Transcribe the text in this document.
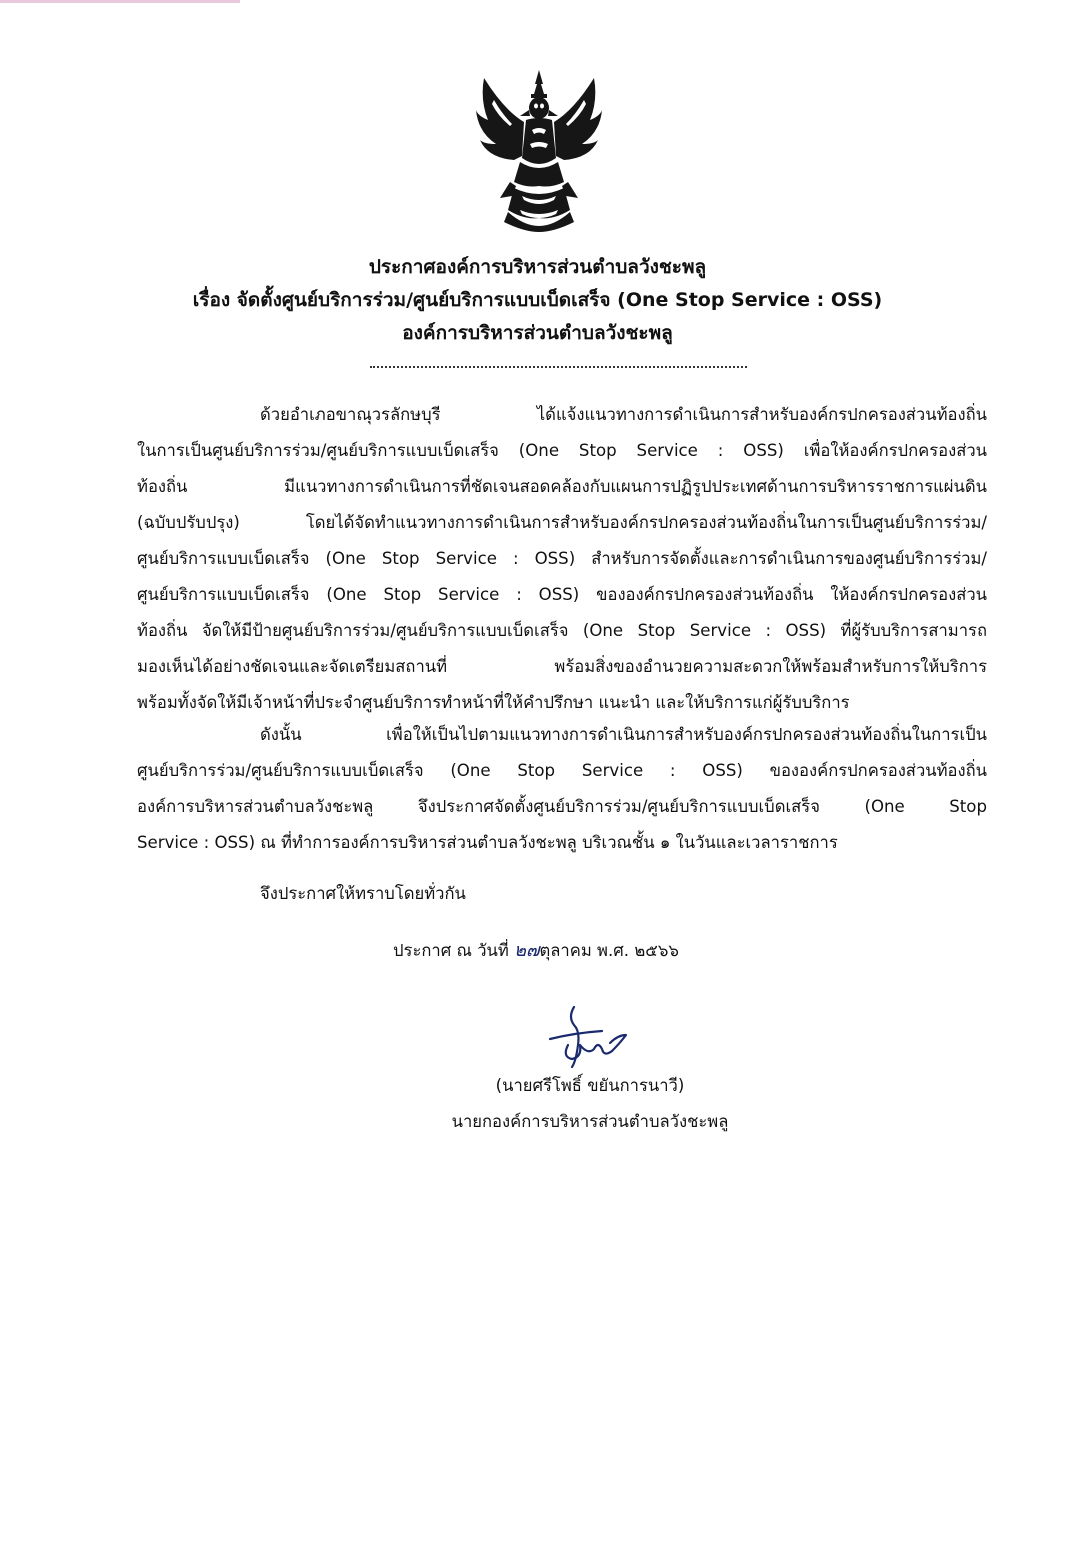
ประกาศองค์การบริหารส่วนตำบลวังชะพลู
เรื่อง จัดตั้งศูนย์บริการร่วม/ศูนย์บริการแบบเบ็ดเสร็จ (One Stop Service : OSS)
องค์การบริหารส่วนตำบลวังชะพลู
ด้วยอำเภอขาณุวรลักษบุรี ได้แจ้งแนวทางการดำเนินการสำหรับองค์กรปกครองส่วนท้องถิ่น
ในการเป็นศูนย์บริการร่วม/ศูนย์บริการแบบเบ็ดเสร็จ (One Stop Service : OSS) เพื่อให้องค์กรปกครองส่วน
ท้องถิ่น มีแนวทางการดำเนินการที่ชัดเจนสอดคล้องกับแผนการปฏิรูปประเทศด้านการบริหารราชการแผ่นดิน
(ฉบับปรับปรุง) โดยได้จัดทำแนวทางการดำเนินการสำหรับองค์กรปกครองส่วนท้องถิ่นในการเป็นศูนย์บริการร่วม/
ศูนย์บริการแบบเบ็ดเสร็จ (One Stop Service : OSS) สำหรับการจัดตั้งและการดำเนินการของศูนย์บริการร่วม/
ศูนย์บริการแบบเบ็ดเสร็จ (One Stop Service : OSS) ขององค์กรปกครองส่วนท้องถิ่น ให้องค์กรปกครองส่วน
ท้องถิ่น จัดให้มีป้ายศูนย์บริการร่วม/ศูนย์บริการแบบเบ็ดเสร็จ (One Stop Service : OSS) ที่ผู้รับบริการสามารถ
มองเห็นได้อย่างชัดเจนและจัดเตรียมสถานที่ พร้อมสิ่งของอำนวยความสะดวกให้พร้อมสำหรับการให้บริการ
พร้อมทั้งจัดให้มีเจ้าหน้าที่ประจำศูนย์บริการทำหน้าที่ให้คำปรึกษา แนะนำ และให้บริการแก่ผู้รับบริการ
ดังนั้น เพื่อให้เป็นไปตามแนวทางการดำเนินการสำหรับองค์กรปกครองส่วนท้องถิ่นในการเป็น
ศูนย์บริการร่วม/ศูนย์บริการแบบเบ็ดเสร็จ (One Stop Service : OSS) ขององค์กรปกครองส่วนท้องถิ่น
องค์การบริหารส่วนตำบลวังชะพลู จึงประกาศจัดตั้งศูนย์บริการร่วม/ศูนย์บริการแบบเบ็ดเสร็จ (One Stop
Service : OSS) ณ ที่ทำการองค์การบริหารส่วนตำบลวังชะพลู บริเวณชั้น ๑ ในวันและเวลาราชการ
จึงประกาศให้ทราบโดยทั่วกัน
ประกาศ ณ วันที่ ๒๗ตุลาคม พ.ศ. ๒๕๖๖
(นายศรีโพธิ์ ขยันการนาวี)
นายกองค์การบริหารส่วนตำบลวังชะพลู
